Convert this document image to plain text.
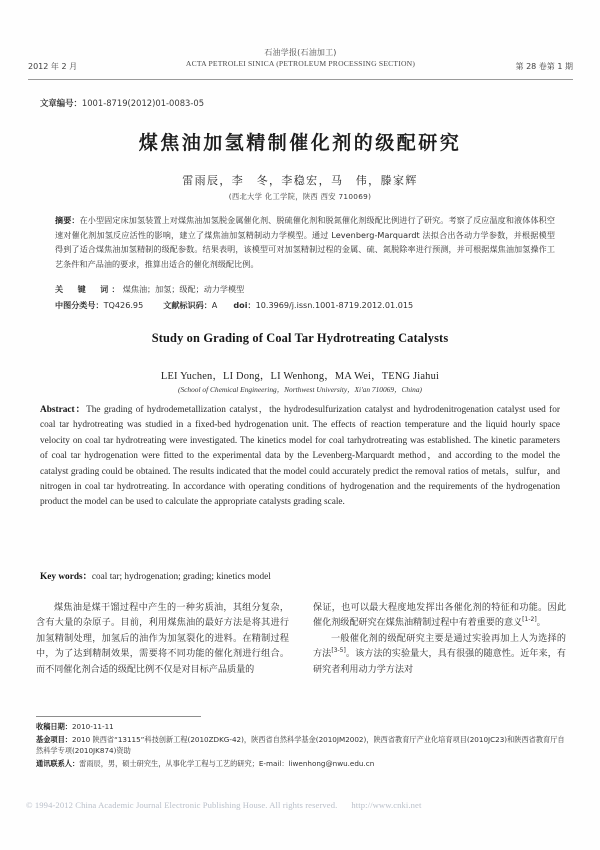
石油学报(石油加工)
ACTA PETROLEI SINICA (PETROLEUM PROCESSING SECTION)
2012 年 2 月	第 28 卷第 1 期
文章编号：1001-8719(2012)01-0083-05
煤焦油加氢精制催化剂的级配研究
雷雨辰，李　冬，李稳宏，马　伟，滕家辉
(西北大学 化工学院，陕西 西安 710069)
摘要：在小型固定床加氢装置上对煤焦油加氢脱金属催化剂、脱硫催化剂和脱氮催化剂级配比例进行了研究。考察了反应温度和液体体积空速对催化剂加氢反应活性的影响，建立了煤焦油加氢精制动力学模型。通过 Levenberg-Marquardt 法拟合出各动力学参数，并根据模型得到了适合煤焦油加氢精制的级配参数。结果表明，该模型可对加氢精制过程的金属、硫、氮脱除率进行预测，并可根据煤焦油加氢操作工艺条件和产品油的要求，推算出适合的催化剂级配比例。
关　键　词：煤焦油；加氢；级配；动力学模型
中图分类号：TQ426.95 文献标识码：A doi：10.3969/j.issn.1001-8719.2012.01.015
Study on Grading of Coal Tar Hydrotreating Catalysts
LEI Yuchen，LI Dong，LI Wenhong，MA Wei，TENG Jiahui
(School of Chemical Engineering，Northwest University，Xi'an 710069，China)
Abstract：The grading of hydrodemetallization catalyst，the hydrodesulfurization catalyst and hydrodenitrogenation catalyst used for coal tar hydrotreating was studied in a fixed-bed hydrogenation unit. The effects of reaction temperature and the liquid hourly space velocity on coal tar hydrotreating were investigated. The kinetics model for coal tarhydrotreating was established. The kinetic parameters of coal tar hydrogenation were fitted to the experimental data by the Levenberg-Marquardt method，and according to the model the catalyst grading could be obtained. The results indicated that the model could accurately predict the removal ratios of metals，sulfur，and nitrogen in coal tar hydrotreating. In accordance with operating conditions of hydrogenation and the requirements of the hydrogenation product the model can be used to calculate the appropriate catalysts grading scale.
Key words：coal tar; hydrogenation; grading; kinetics model

煤焦油是煤干馏过程中产生的一种劣质油，其组分复杂，含有大量的杂原子。目前，利用煤焦油的最好方法是将其进行加氢精制处理，加氢后的油作为加氢裂化的进料。在精制过程中，为了达到精制效果，需要将不同功能的催化剂进行组合。而不同催化剂合适的级配比例不仅是对目标产品质量的

保证，也可以最大程度地发挥出各催化剂的特征和功能。因此催化剂级配研究在煤焦油精制过程中有着重要的意义[1-2]。

一般催化剂的级配研究主要是通过实验再加上人为选择的方法[3-5]。该方法的实验量大，具有很强的随意性。近年来，有研究者利用动力学方法对

收稿日期：2010-11-11
基金项目：2010 陕西省“13115”科技创新工程(2010ZDKG-42)，陕西省自然科学基金(2010JM2002)，陕西省教育厅产业化培育项目(2010JC23)和陕西省教育厅自然科学专项(2010JK874)资助
通讯联系人：雷雨辰，男，硕士研究生，从事化学工程与工艺的研究；E-mail：liwenhong@nwu.edu.cn
© 1994-2012 China Academic Journal Electronic Publishing House. All rights reserved. http://www.cnki.net
